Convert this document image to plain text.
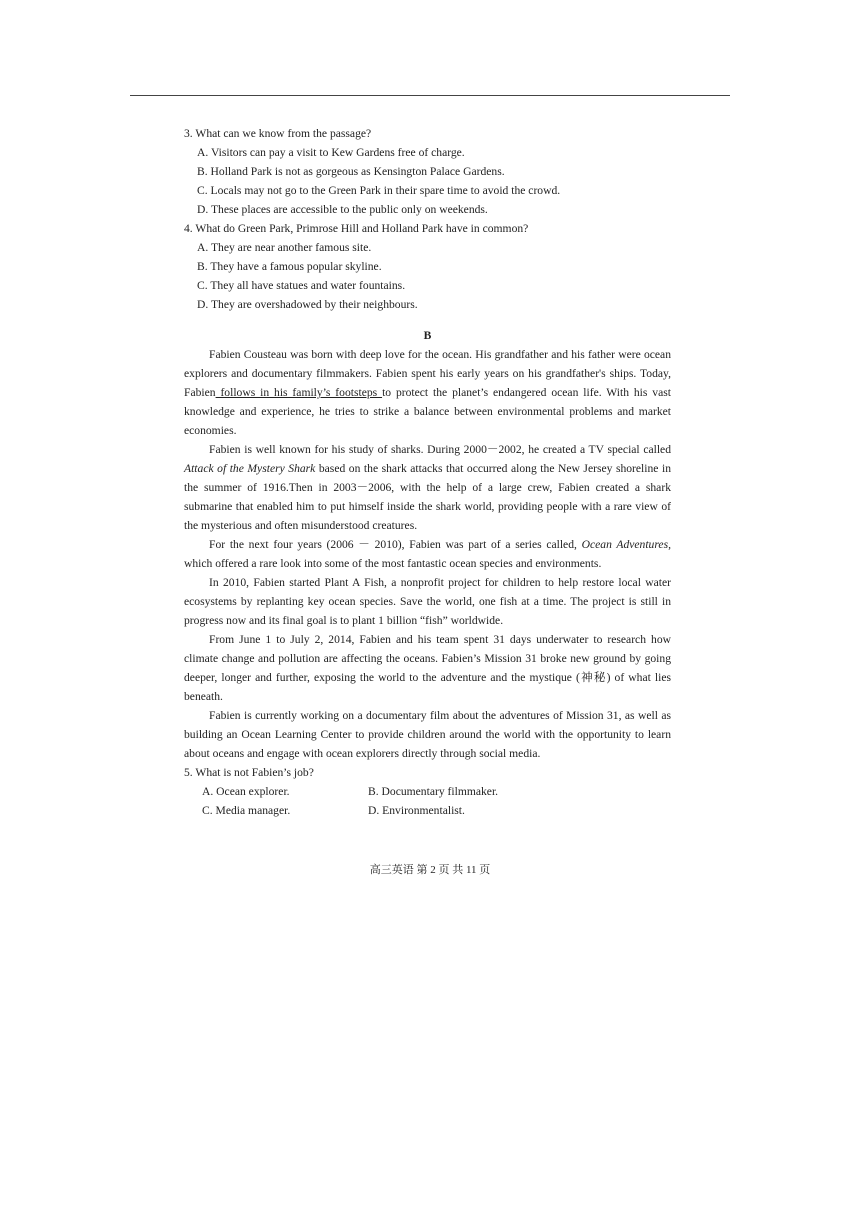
3. What can we know from the passage?
A. Visitors can pay a visit to Kew Gardens free of charge.
B. Holland Park is not as gorgeous as Kensington Palace Gardens.
C. Locals may not go to the Green Park in their spare time to avoid the crowd.
D. These places are accessible to the public only on weekends.
4. What do Green Park, Primrose Hill and Holland Park have in common?
A. They are near another famous site.
B. They have a famous popular skyline.
C. They all have statues and water fountains.
D. They are overshadowed by their neighbours.
B

Fabien Cousteau was born with deep love for the ocean. His grandfather and his father were ocean explorers and documentary filmmakers. Fabien spent his early years on his grandfather's ships. Today, Fabien follows in his family’s footsteps to protect the planet’s endangered ocean life. With his vast knowledge and experience, he tries to strike a balance between environmental problems and market economies.

Fabien is well known for his study of sharks. During 2000－2002, he created a TV special called Attack of the Mystery Shark based on the shark attacks that occurred along the New Jersey shoreline in the summer of 1916.Then in 2003－2006, with the help of a large crew, Fabien created a shark submarine that enabled him to put himself inside the shark world, providing people with a rare view of the mysterious and often misunderstood creatures.

For the next four years (2006 － 2010), Fabien was part of a series called, Ocean Adventures, which offered a rare look into some of the most fantastic ocean species and environments.

In 2010, Fabien started Plant A Fish, a nonprofit project for children to help restore local water ecosystems by replanting key ocean species. Save the world, one fish at a time. The project is still in progress now and its final goal is to plant 1 billion “fish” worldwide.

From June 1 to July 2, 2014, Fabien and his team spent 31 days underwater to research how climate change and pollution are affecting the oceans. Fabien’s Mission 31 broke new ground by going deeper, longer and further, exposing the world to the adventure and the mystique (神秘) of what lies beneath.

Fabien is currently working on a documentary film about the adventures of Mission 31, as well as building an Ocean Learning Center to provide children around the world with the opportunity to learn about oceans and engage with ocean explorers directly through social media.

5. What is not Fabien’s job?
A. Ocean explorer.	B. Documentary filmmaker.
C. Media manager.	D. Environmentalist.
高三英语 第 2 页 共 11 页
